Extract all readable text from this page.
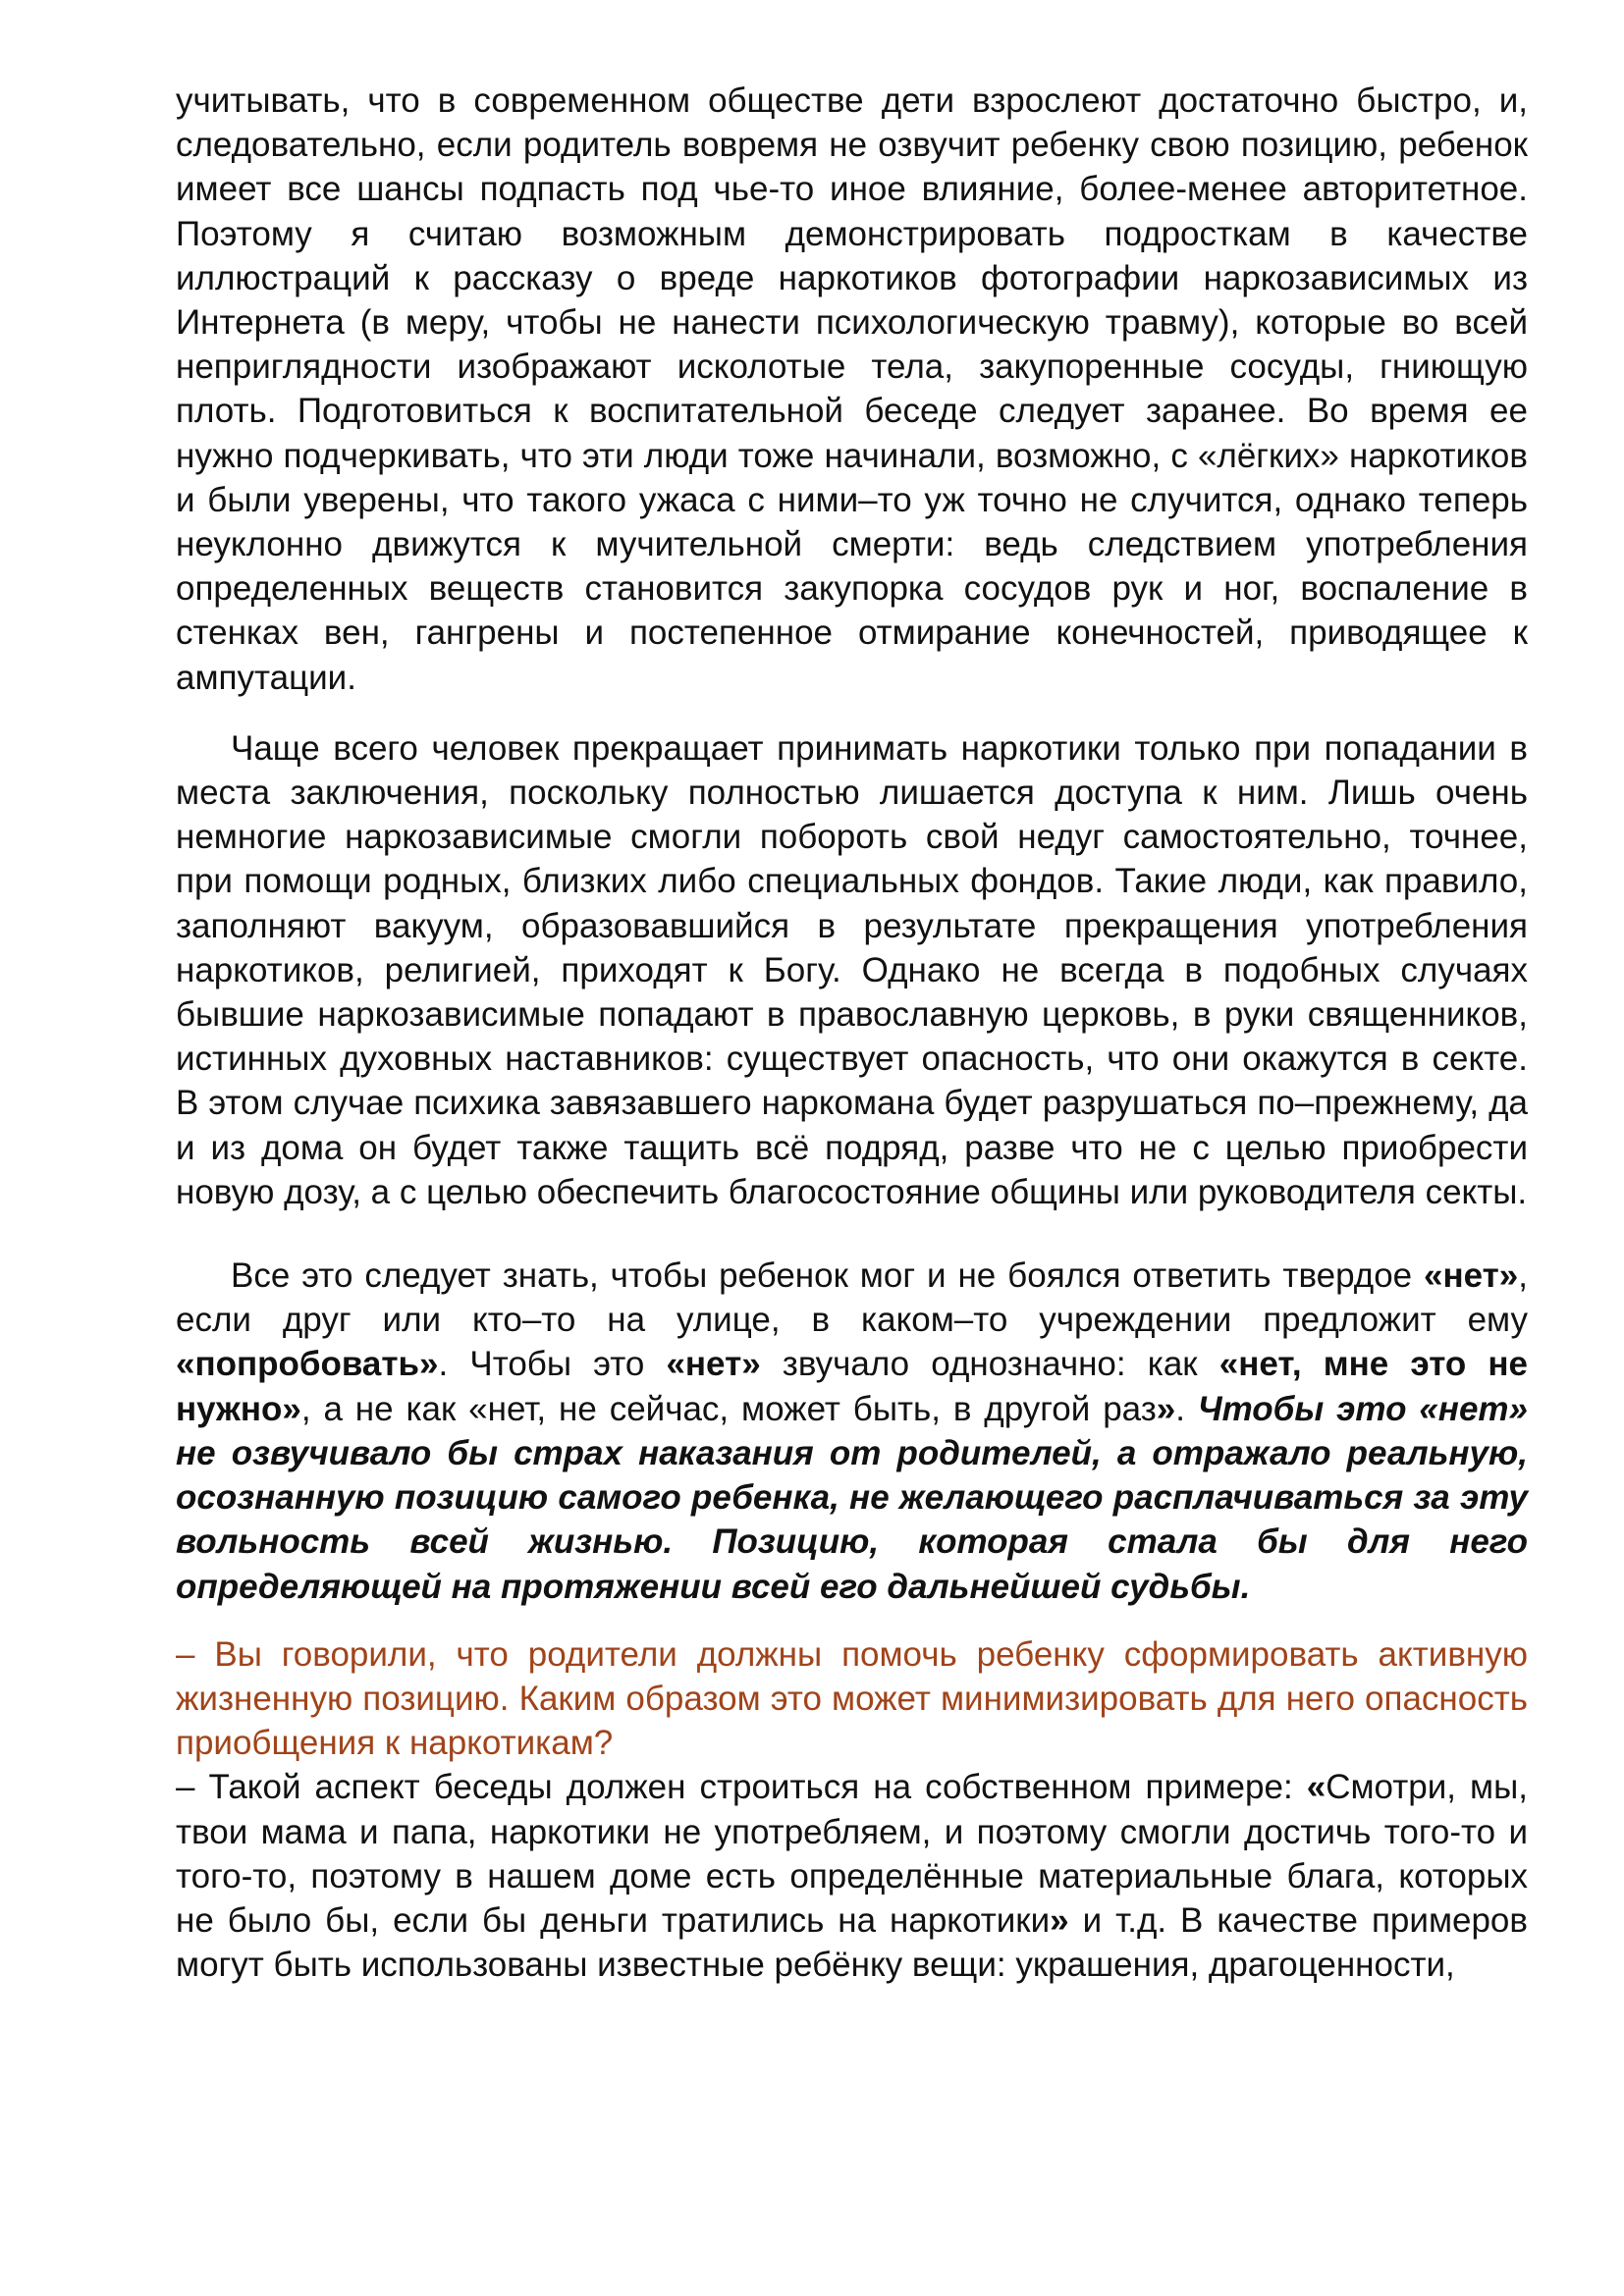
учитывать, что в современном обществе дети взрослеют достаточно быстро, и, следовательно, если родитель вовремя не озвучит ребенку свою позицию, ребенок имеет все шансы подпасть под чье-то иное влияние, более-менее авторитетное. Поэтому я считаю возможным демонстрировать подросткам в качестве иллюстраций к рассказу о вреде наркотиков фотографии наркозависимых из Интернета (в меру, чтобы не нанести психологическую травму), которые во всей неприглядности изображают исколотые тела, закупоренные сосуды, гниющую плоть. Подготовиться к воспитательной беседе следует заранее. Во время ее нужно подчеркивать, что эти люди тоже начинали, возможно, с «лёгких» наркотиков и были уверены, что такого ужаса с ними–то уж точно не случится, однако теперь неуклонно движутся к мучительной смерти: ведь следствием употребления определенных веществ становится закупорка сосудов рук и ног, воспаление в стенках вен, гангрены и постепенное отмирание конечностей, приводящее к ампутации.

Чаще всего человек прекращает принимать наркотики только при попадании в места заключения, поскольку полностью лишается доступа к ним. Лишь очень немногие наркозависимые смогли побороть свой недуг самостоятельно, точнее, при помощи родных, близких либо специальных фондов. Такие люди, как правило, заполняют вакуум, образовавшийся в результате прекращения употребления наркотиков, религией, приходят к Богу. Однако не всегда в подобных случаях бывшие наркозависимые попадают в православную церковь, в руки священников, истинных духовных наставников: существует опасность, что они окажутся в секте. В этом случае психика завязавшего наркомана будет разрушаться по–прежнему, да и из дома он будет также тащить всё подряд, разве что не с целью приобрести новую дозу, а с целью обеспечить благосостояние общины или руководителя секты.

Все это следует знать, чтобы ребенок мог и не боялся ответить твердое «нет», если друг или кто–то на улице, в каком–то учреждении предложит ему «попробовать». Чтобы это «нет» звучало однозначно: как «нет, мне это не нужно», а не как «нет, не сейчас, может быть, в другой раз». Чтобы это «нет» не озвучивало бы страх наказания от родителей, а отражало реальную, осознанную позицию самого ребенка, не желающего расплачиваться за эту вольность всей жизнью. Позицию, которая стала бы для него определяющей на протяжении всей его дальнейшей судьбы.

– Вы говорили, что родители должны помочь ребенку сформировать активную жизненную позицию. Каким образом это может минимизировать для него опасность приобщения к наркотикам?

– Такой аспект беседы должен строиться на собственном примере: «Смотри, мы, твои мама и папа, наркотики не употребляем, и поэтому смогли достичь того-то и того-то, поэтому в нашем доме есть определённые материальные блага, которых не было бы, если бы деньги тратились на наркотики» и т.д. В качестве примеров могут быть использованы известные ребёнку вещи: украшения, драгоценности,
